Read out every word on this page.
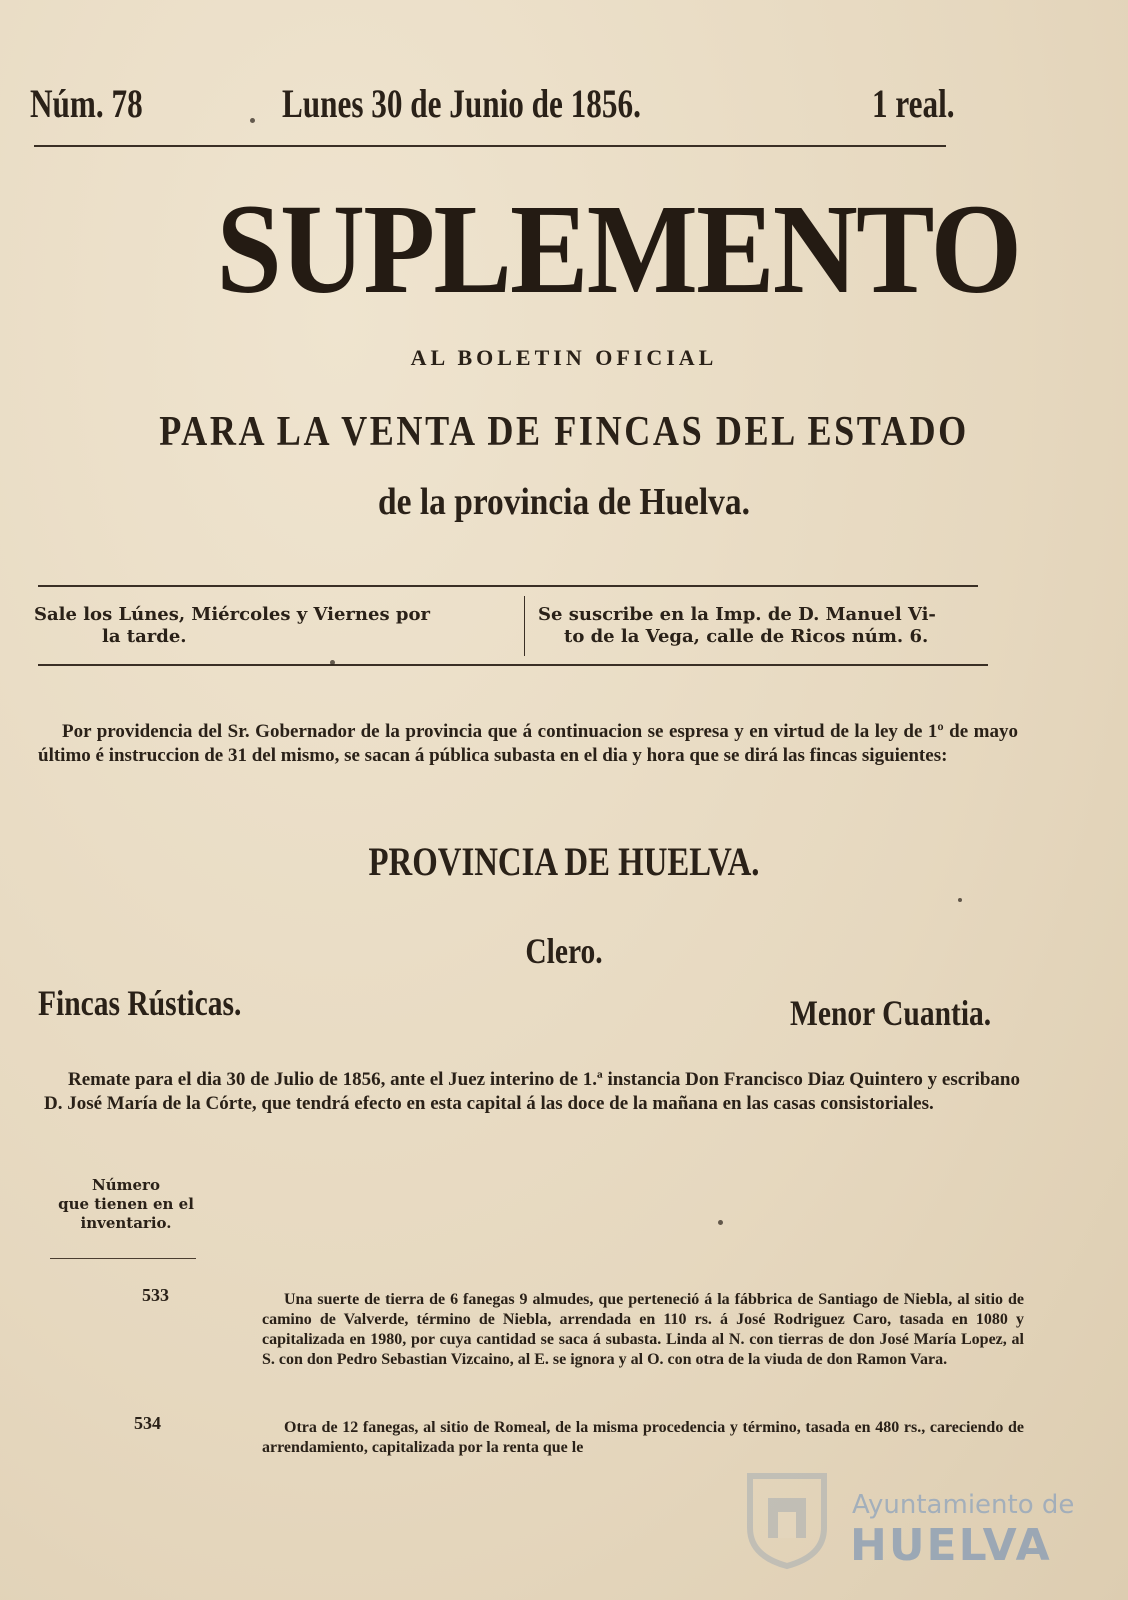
Núm. 78	Lunes 30 de Junio de 1856.	1 real.
SUPLEMENTO
AL BOLETIN OFICIAL
PARA LA VENTA DE FINCAS DEL ESTADO
de la provincia de Huelva.
Sale los Lúnes, Miércoles y Viernes por
la tarde.
Se suscribe en la Imp. de D. Manuel Vi-
to de la Vega, calle de Ricos núm. 6.
Por providencia del Sr. Gobernador de la provincia que á continuacion se espresa y en virtud de la ley de 1º de mayo último é instruccion de 31 del mismo, se sacan á pública subasta en el dia y hora que se dirá las fincas siguientes:
PROVINCIA DE HUELVA.
Clero.
Fincas Rústicas.	Menor Cuantia.
Remate para el dia 30 de Julio de 1856, ante el Juez interino de 1.ª instancia Don Francisco Diaz Quintero y escribano D. José María de la Córte, que tendrá efecto en esta capital á las doce de la mañana en las casas consistoriales.
Número
que tienen en el
inventario.
533	Una suerte de tierra de 6 fanegas 9 almudes, que perteneció á la fábbrica de Santiago de Niebla, al sitio de camino de Valverde, término de Niebla, arrendada en 110 rs. á José Rodriguez Caro, tasada en 1080 y capitalizada en 1980, por cuya cantidad se saca á subasta. Linda al N. con tierras de don José María Lopez, al S. con don Pedro Sebastian Vizcaino, al E. se ignora y al O. con otra de la viuda de don Ramon Vara.
534	Otra de 12 fanegas, al sitio de Romeal, de la misma procedencia y término, tasada en 480 rs., careciendo de arrendamiento, capitalizada por la renta que le
Ayuntamiento de
HUELVA
